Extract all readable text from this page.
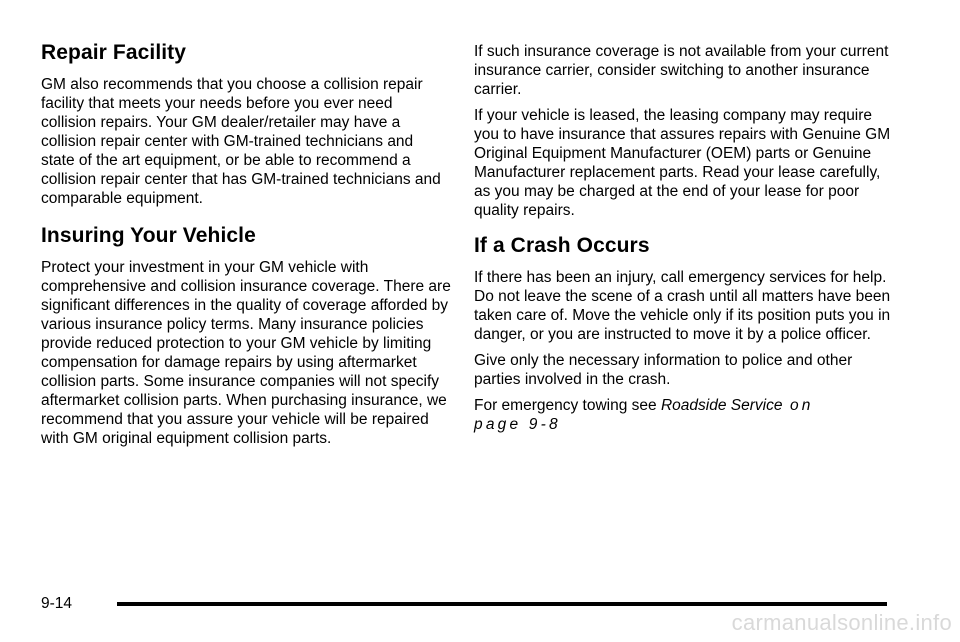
Repair Facility

GM also recommends that you choose a collision repair facility that meets your needs before you ever need collision repairs. Your GM dealer/retailer may have a collision repair center with GM-trained technicians and state of the art equipment, or be able to recommend a collision repair center that has GM-trained technicians and comparable equipment.

Insuring Your Vehicle

Protect your investment in your GM vehicle with comprehensive and collision insurance coverage. There are significant differences in the quality of coverage afforded by various insurance policy terms. Many insurance policies provide reduced protection to your GM vehicle by limiting compensation for damage repairs by using aftermarket collision parts. Some insurance companies will not specify aftermarket collision parts. When purchasing insurance, we recommend that you assure your vehicle will be repaired with GM original equipment collision parts.

If such insurance coverage is not available from your current insurance carrier, consider switching to another insurance carrier.

If your vehicle is leased, the leasing company may require you to have insurance that assures repairs with Genuine GM Original Equipment Manufacturer (OEM) parts or Genuine Manufacturer replacement parts. Read your lease carefully, as you may be charged at the end of your lease for poor quality repairs.

If a Crash Occurs

If there has been an injury, call emergency services for help. Do not leave the scene of a crash until all matters have been taken care of. Move the vehicle only if its position puts you in danger, or you are instructed to move it by a police officer.

Give only the necessary information to police and other parties involved in the crash.

For emergency towing see Roadside Service on
page 9-8

9-14
carmanualsonline.info
